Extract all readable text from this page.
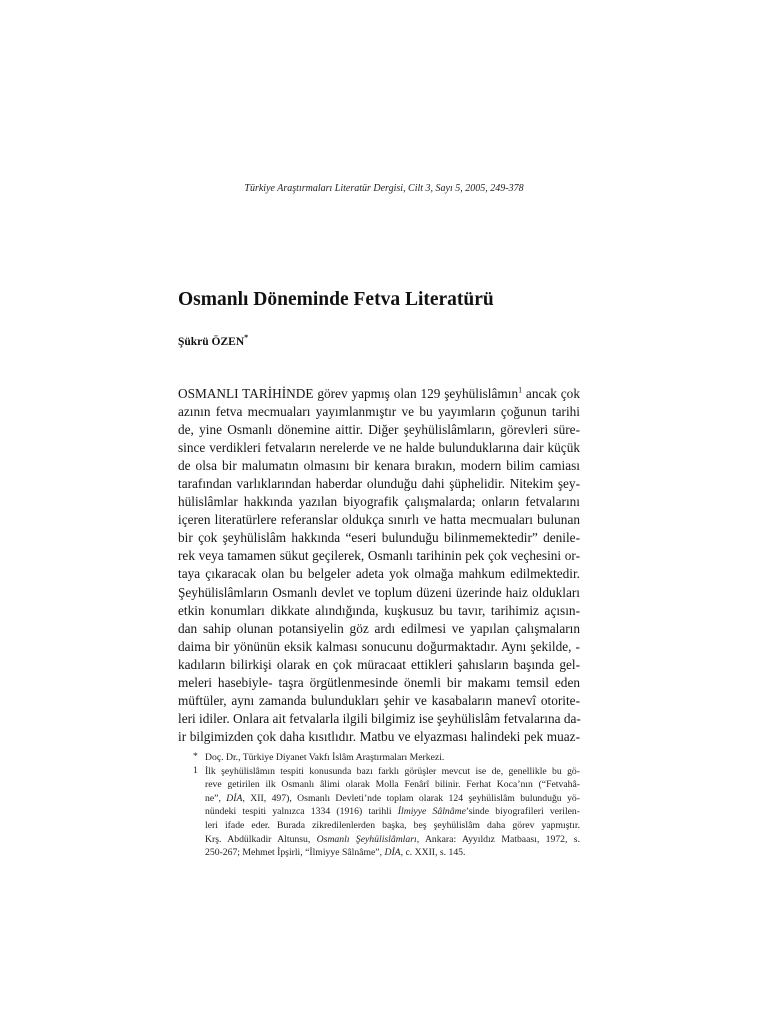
Türkiye Araştırmaları Literatür Dergisi, Cilt 3, Sayı 5, 2005, 249-378
Osmanlı Döneminde Fetva Literatürü
Şükrü ÖZEN*
OSMANLI TARİHİNDE görev yapmış olan 129 şeyhülislâmın$^1$ ancak çok
azının fetva mecmuaları yayımlanmıştır ve bu yayımların çoğunun tarihi
de, yine Osmanlı dönemine aittir. Diğer şeyhülislâmların, görevleri süre-
since verdikleri fetvaların nerelerde ve ne halde bulunduklarına dair küçük
de olsa bir malumatın olmasını bir kenara bırakın, modern bilim camiası
tarafından varlıklarından haberdar olunduğu dahi şüphelidir. Nitekim şey-
hülislâmlar hakkında yazılan biyografik çalışmalarda; onların fetvalarını
içeren literatürlere referanslar oldukça sınırlı ve hatta mecmuaları bulunan
bir çok şeyhülislâm hakkında “eseri bulunduğu bilinmemektedir” denile-
rek veya tamamen sükut geçilerek, Osmanlı tarihinin pek çok veçhesini or-
taya çıkaracak olan bu belgeler adeta yok olmağa mahkum edilmektedir.
Şeyhülislâmların Osmanlı devlet ve toplum düzeni üzerinde haiz oldukları
etkin konumları dikkate alındığında, kuşkusuz bu tavır, tarihimiz açısın-
dan sahip olunan potansiyelin göz ardı edilmesi ve yapılan çalışmaların
daima bir yönünün eksik kalması sonucunu doğurmaktadır. Aynı şekilde, -
kadıların bilirkişi olarak en çok müracaat ettikleri şahısların başında gel-
meleri hasebiyle- taşra örgütlenmesinde önemli bir makamı temsil eden
müftüler, aynı zamanda bulundukları şehir ve kasabaların manevî otorite-
leri idiler. Onlara ait fetvalarla ilgili bilgimiz ise şeyhülislâm fetvalarına da-
ir bilgimizden çok daha kısıtlıdır. Matbu ve elyazması halindeki pek muaz-
* Doç. Dr., Türkiye Diyanet Vakfı İslâm Araştırmaları Merkezi.
1 İlk şeyhülislâmın tespiti konusunda bazı farklı görüşler mevcut ise de, genellikle bu gö-
reve getirilen ilk Osmanlı âlimi olarak Molla Fenârî bilinir. Ferhat Koca’nın (“Fetvahâ-
ne”, DİA, XII, 497), Osmanlı Devleti’nde toplam olarak 124 şeyhülislâm bulunduğu yö-
nündeki tespiti yalnızca 1334 (1916) tarihli İlmiyye Sâlnâme’sinde biyografileri verilen-
leri ifade eder. Burada zikredilenlerden başka, beş şeyhülislâm daha görev yapmıştır.
Krş. Abdülkadir Altunsu, Osmanlı Şeyhülislâmları, Ankara: Ayyıldız Matbaası, 1972, s.
250-267; Mehmet İpşirli, “İlmiyye Sâlnâme”, DİA, c. XXII, s. 145.
